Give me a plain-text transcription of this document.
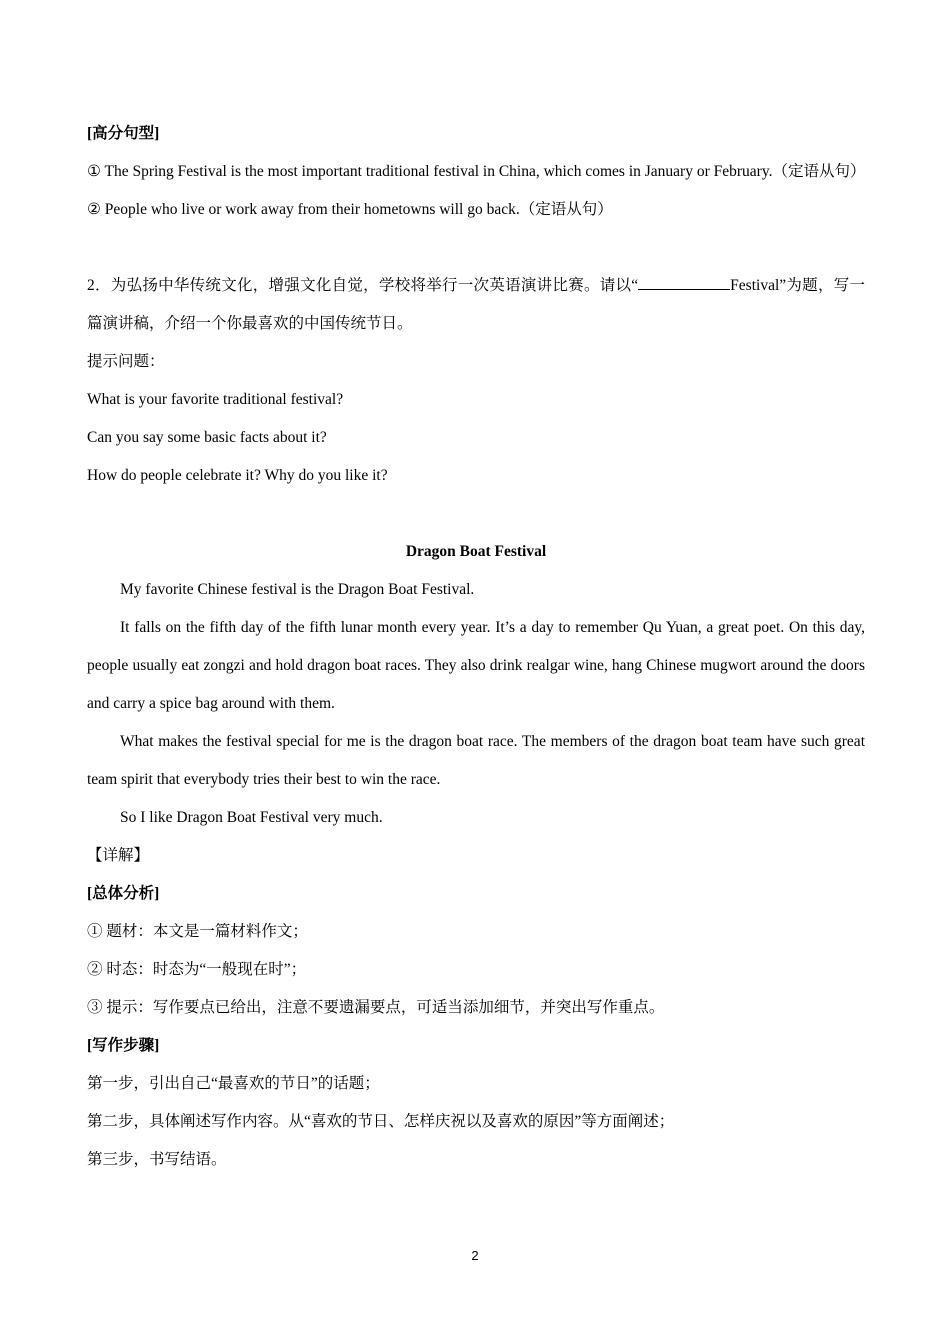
[高分句型]
① The Spring Festival is the most important traditional festival in China, which comes in January or February.（定语从句）
② People who live or work away from their hometowns will go back.（定语从句）
2．为弘扬中华传统文化，增强文化自觉，学校将举行一次英语演讲比赛。请以“	Festival”为题，写一篇演讲稿，介绍一个你最喜欢的中国传统节日。
提示问题：
What is your favorite traditional festival?
Can you say some basic facts about it?
How do people celebrate it? Why do you like it?
Dragon Boat Festival
My favorite Chinese festival is the Dragon Boat Festival.
It falls on the fifth day of the fifth lunar month every year. It’s a day to remember Qu Yuan, a great poet. On this day, people usually eat zongzi and hold dragon boat races. They also drink realgar wine, hang Chinese mugwort around the doors and carry a spice bag around with them.
What makes the festival special for me is the dragon boat race. The members of the dragon boat team have such great team spirit that everybody tries their best to win the race.
So I like Dragon Boat Festival very much.
【详解】
[总体分析]
① 题材：本文是一篇材料作文；
② 时态：时态为“一般现在时”；
③ 提示：写作要点已给出，注意不要遗漏要点，可适当添加细节，并突出写作重点。
[写作步骤]
第一步，引出自己“最喜欢的节日”的话题；
第二步，具体阐述写作内容。从“喜欢的节日、怎样庆祝以及喜欢的原因”等方面阐述；
第三步，书写结语。
2
